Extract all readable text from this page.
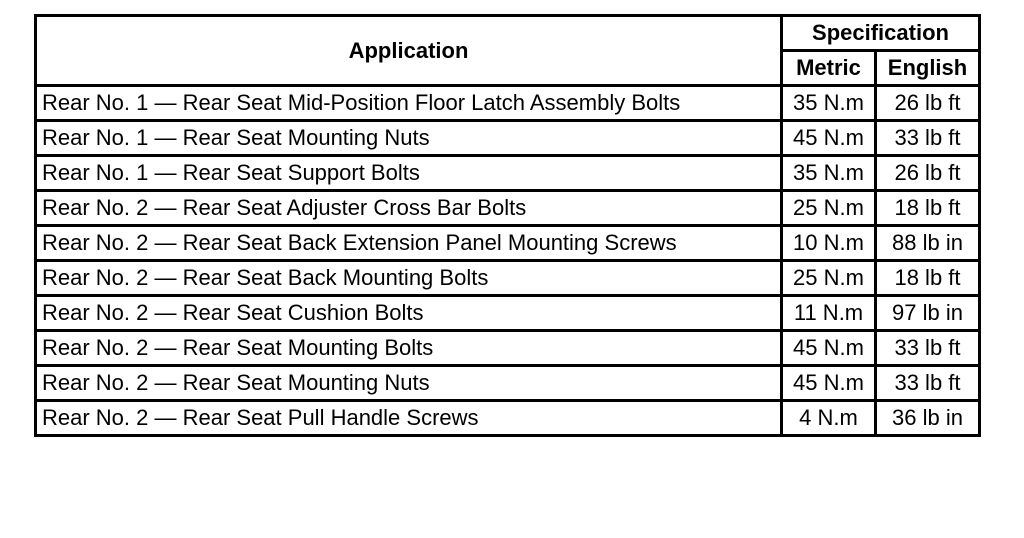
Application	Specification	
	Metric	English
Rear No. 1 — Rear Seat Mid-Position Floor Latch Assembly Bolts	35 N.m	26 lb ft
Rear No. 1 — Rear Seat Mounting Nuts	45 N.m	33 lb ft
Rear No. 1 — Rear Seat Support Bolts	35 N.m	26 lb ft
Rear No. 2 — Rear Seat Adjuster Cross Bar Bolts	25 N.m	18 lb ft
Rear No. 2 — Rear Seat Back Extension Panel Mounting Screws	10 N.m	88 lb in
Rear No. 2 — Rear Seat Back Mounting Bolts	25 N.m	18 lb ft
Rear No. 2 — Rear Seat Cushion Bolts	11 N.m	97 lb in
Rear No. 2 — Rear Seat Mounting Bolts	45 N.m	33 lb ft
Rear No. 2 — Rear Seat Mounting Nuts	45 N.m	33 lb ft
Rear No. 2 — Rear Seat Pull Handle Screws	4 N.m	36 lb in
